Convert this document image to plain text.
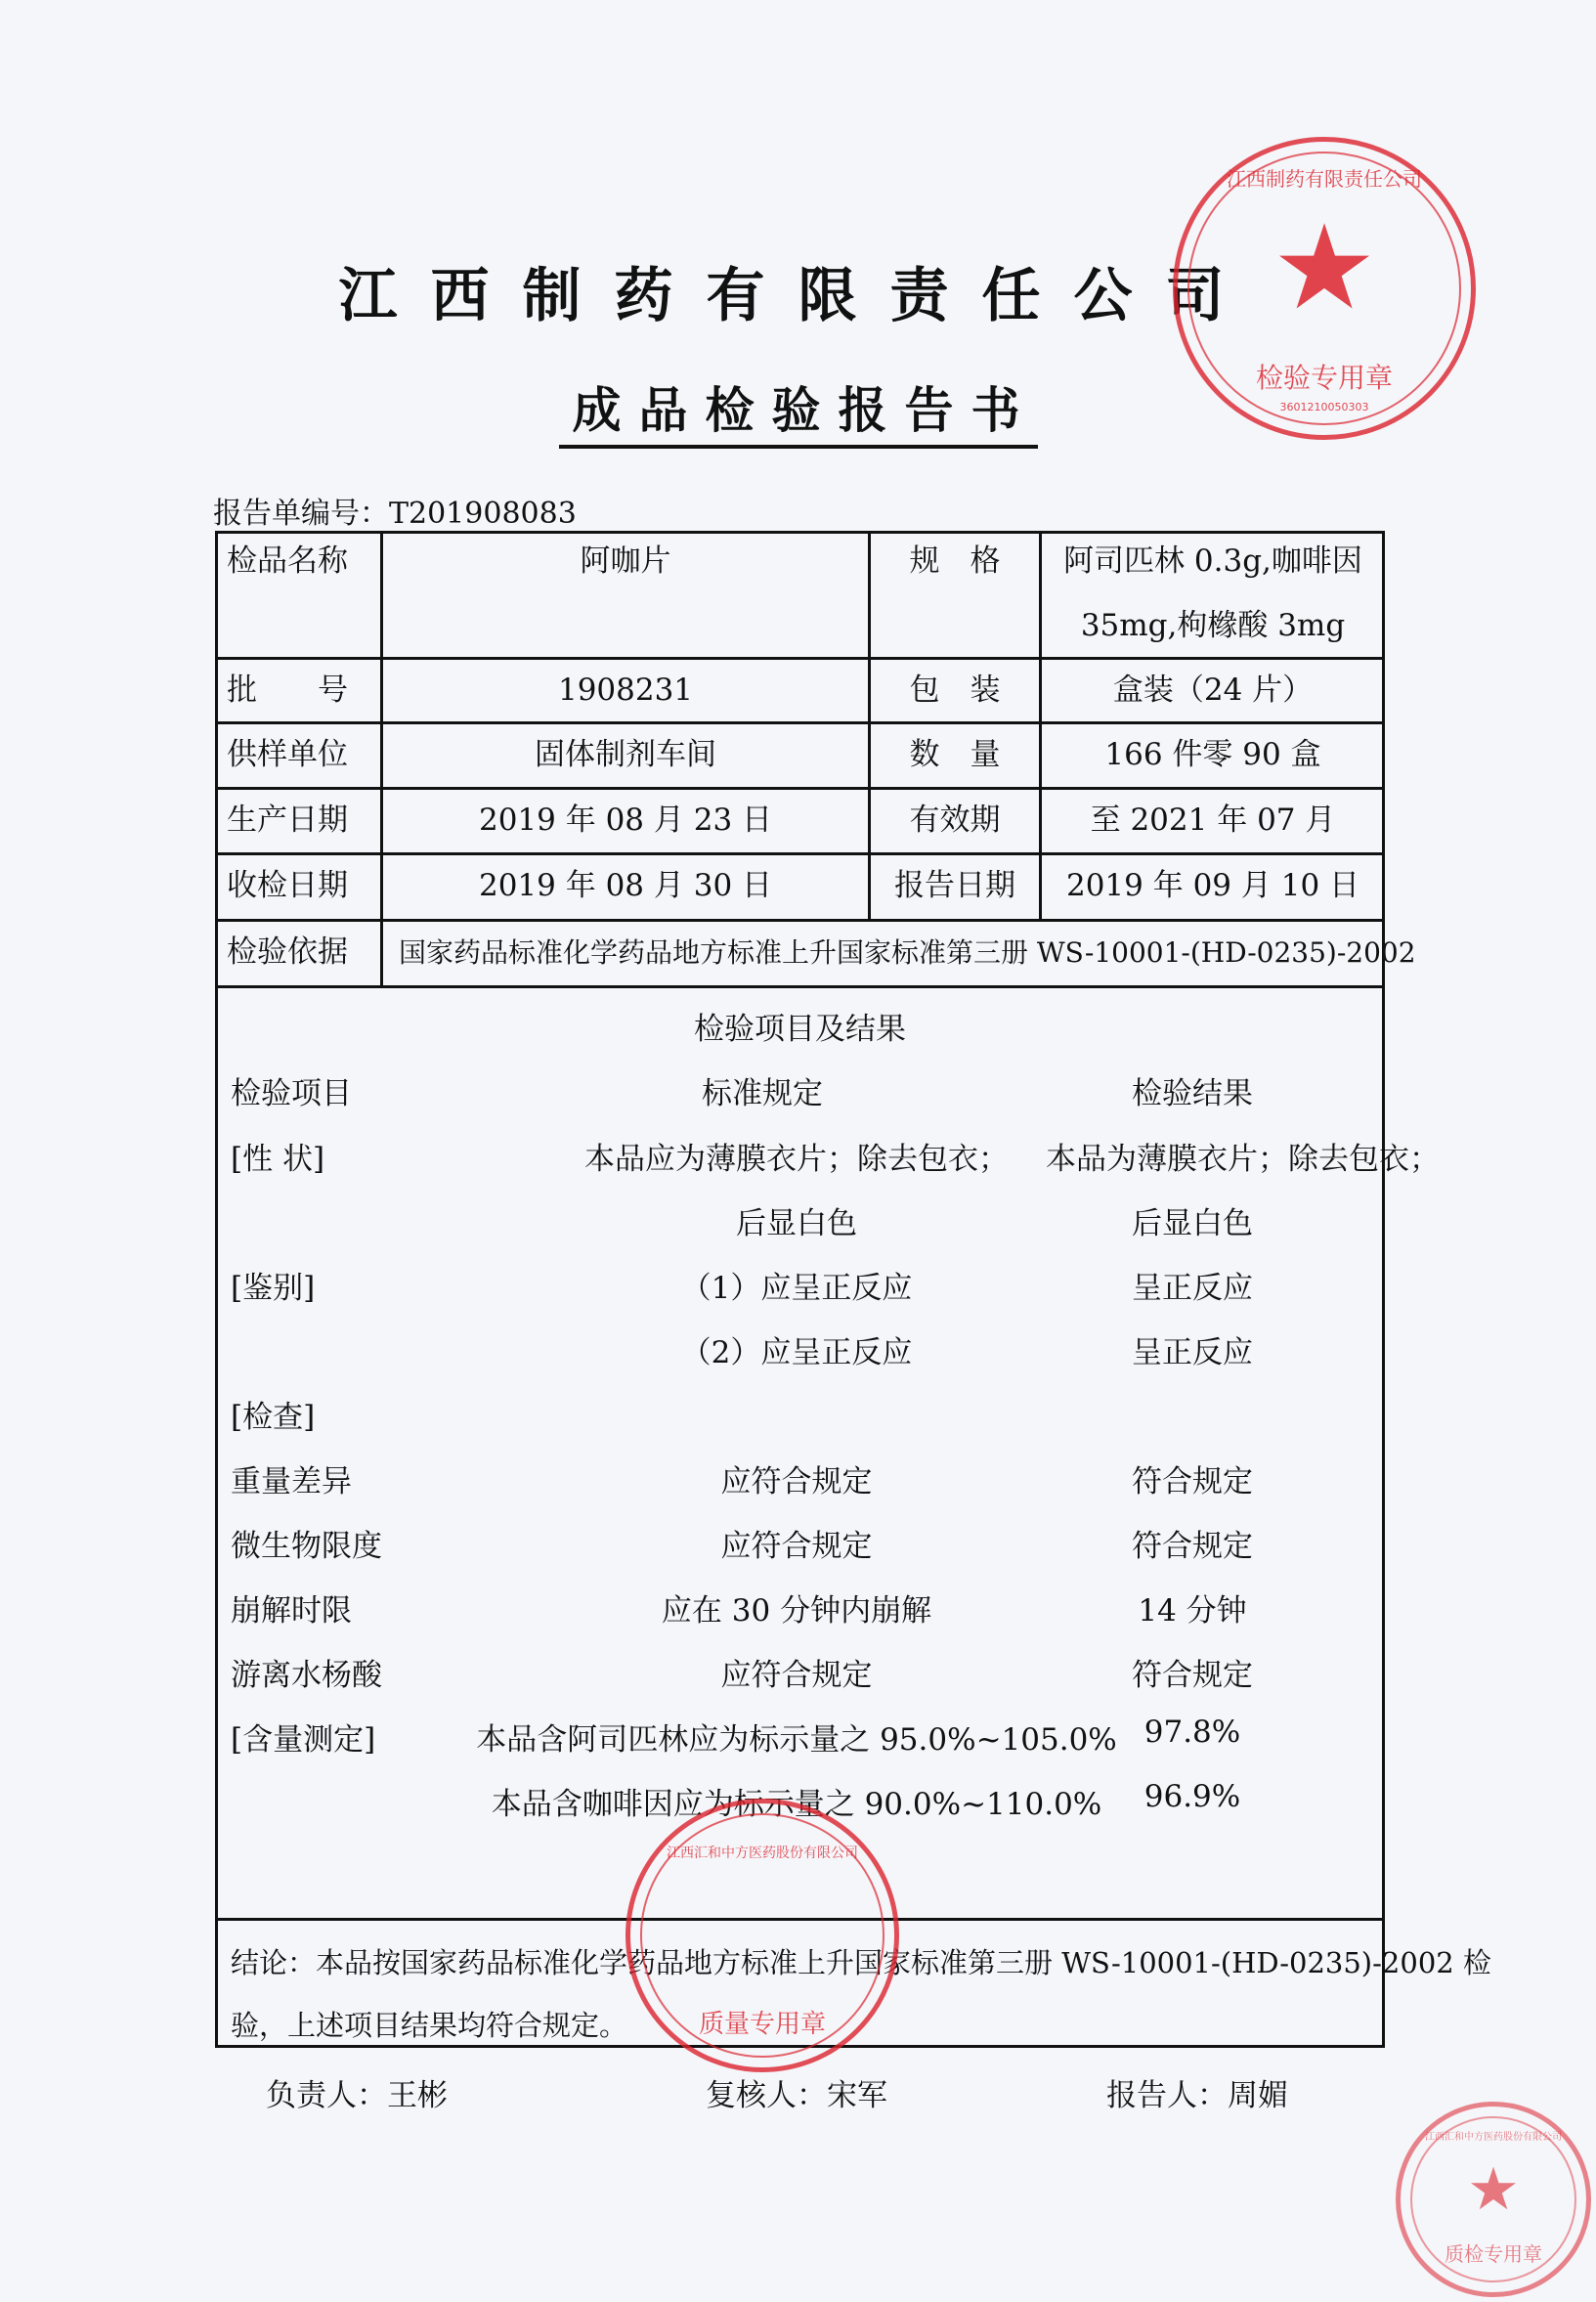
江西制药有限责任公司
成品检验报告书
报告单编号：T201908083
检品名称	阿咖片	规　格	阿司匹林 0.3g,咖啡因
35mg,枸橼酸 3mg
批　　号	1908231	包　装	盒装（24 片）
供样单位	固体制剂车间	数　量	166 件零 90 盒
生产日期	2019 年 08 月 23 日	有效期	至 2021 年 07 月
收检日期	2019 年 08 月 30 日	报告日期	2019 年 09 月 10 日
检验依据 国家药品标准化学药品地方标准上升国家标准第三册 WS-10001-(HD-0235)-2002
检验项目及结果
检验项目	标准规定	检验结果
[性 状]	本品应为薄膜衣片；除去包衣；	本品为薄膜衣片；除去包衣；
后显白色	后显白色
[鉴别]	（1）应呈正反应	呈正反应
（2）应呈正反应	呈正反应
[检查]
重量差异	应符合规定	符合规定
微生物限度	应符合规定	符合规定
崩解时限	应在 30 分钟内崩解	14 分钟
游离水杨酸	应符合规定	符合规定
[含量测定]	本品含阿司匹林应为标示量之 95.0%~105.0% 97.8%
本品含咖啡因应为标示量之 90.0%~110.0%	96.9%
结论：本品按国家药品标准化学药品地方标准上升国家标准第三册 WS-10001-(HD-0235)-2002 检
验，上述项目结果均符合规定。
负责人：王彬	复核人：宋军	报告人：周媚
★
检验专用章
江西制药有限责任公司
3601210050303
江西汇和中方医药股份有限公司
质量专用章
★
江西汇和中方医药股份有限公司
质检专用章
